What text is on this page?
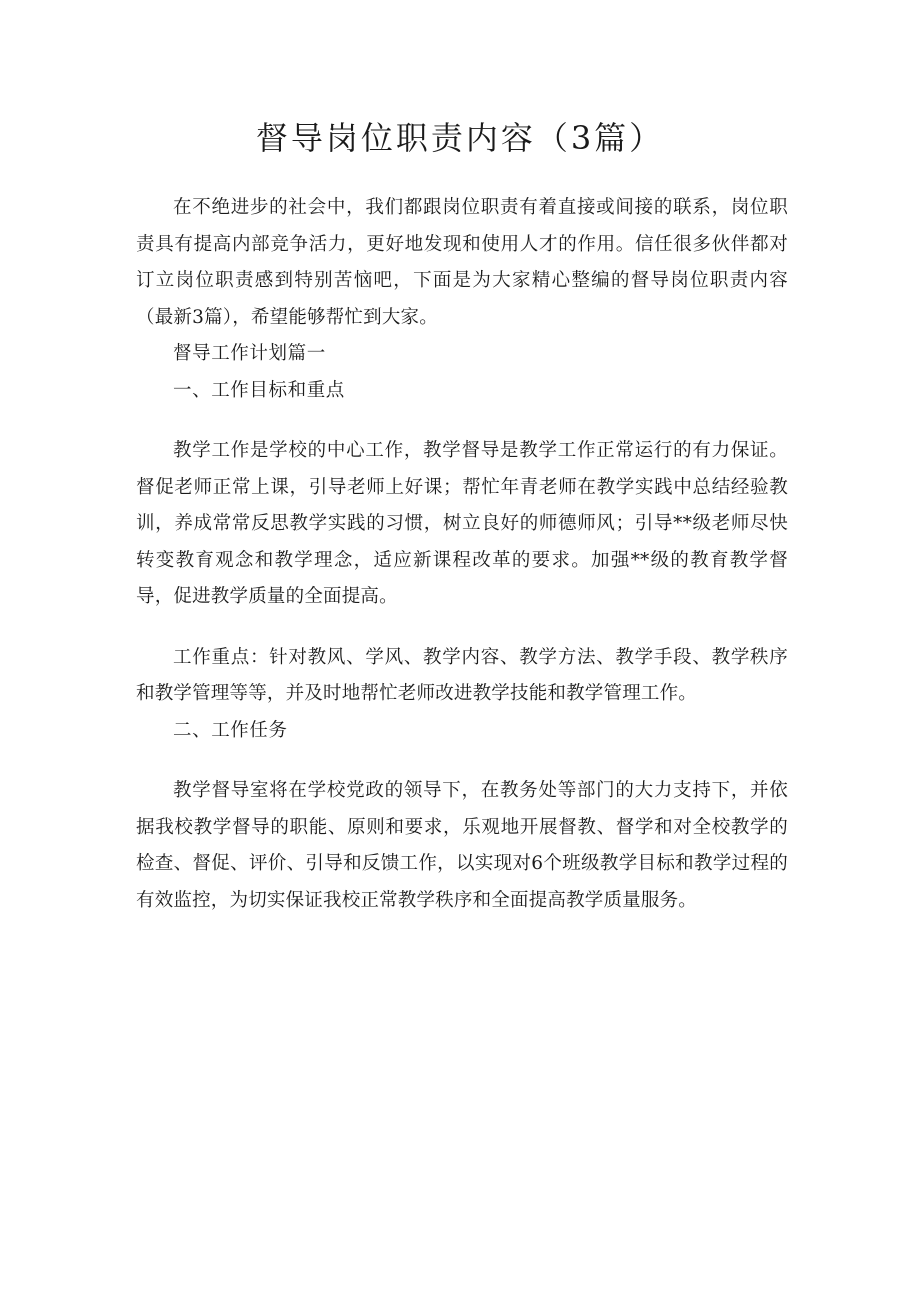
督导岗位职责内容（3篇）

在不绝进步的社会中，我们都跟岗位职责有着直接或间接的联系，岗位职责具有提高内部竞争活力，更好地发现和使用人才的作用。信任很多伙伴都对订立岗位职责感到特别苦恼吧，下面是为大家精心整编的督导岗位职责内容（最新3篇），希望能够帮忙到大家。

督导工作计划篇一

一、工作目标和重点

教学工作是学校的中心工作，教学督导是教学工作正常运行的有力保证。督促老师正常上课，引导老师上好课；帮忙年青老师在教学实践中总结经验教训，养成常常反思教学实践的习惯，树立良好的师德师风；引导**级老师尽快转变教育观念和教学理念，适应新课程改革的要求。加强**级的教育教学督导，促进教学质量的全面提高。

工作重点：针对教风、学风、教学内容、教学方法、教学手段、教学秩序和教学管理等等，并及时地帮忙老师改进教学技能和教学管理工作。

二、工作任务

教学督导室将在学校党政的领导下，在教务处等部门的大力支持下，并依据我校教学督导的职能、原则和要求，乐观地开展督教、督学和对全校教学的检查、督促、评价、引导和反馈工作，以实现对6个班级教学目标和教学过程的有效监控，为切实保证我校正常教学秩序和全面提高教学质量服务。
